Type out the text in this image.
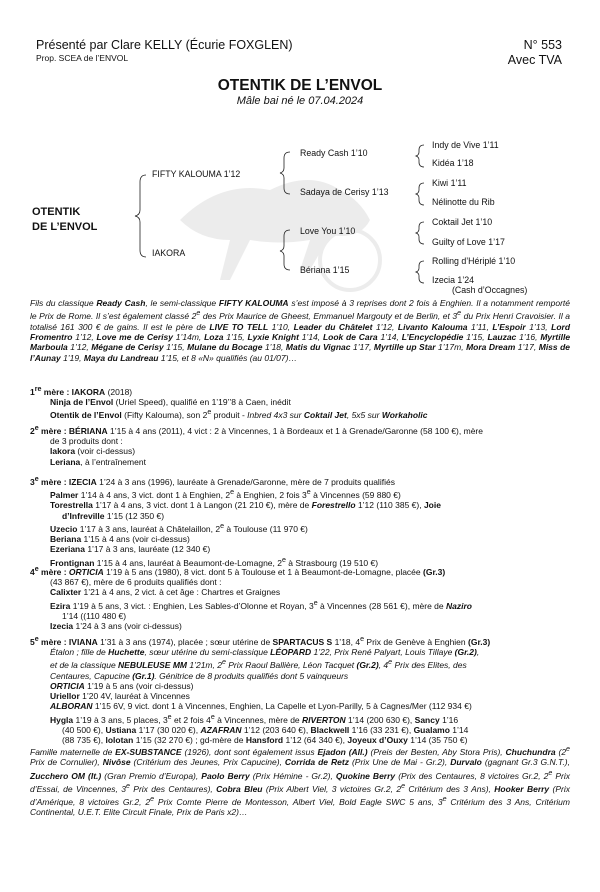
Présenté par Clare KELLY (Écurie FOXGLEN)
Prop. SCEA de l’ENVOL
N° 553
Avec TVA
OTENTIK DE L’ENVOL
Mâle bai né le 07.04.2024
OTENTIK
DE L’ENVOL
FIFTY KALOUMA 1’12
IAKORA
Ready Cash 1’10
Sadaya de Cerisy 1’13
Love You 1’10
Bériana 1’15
Indy de Vive 1’11
Kidéa 1’18
Kiwi 1’11
Nélinotte du Rib
Coktail Jet 1’10
Guilty of Love 1’17
Rolling d’Hériplé 1’10
Izecia 1’24
(Cash d’Occagnes)
Fils du classique Ready Cash, le semi-classique FIFTY KALOUMA s’est imposé à 3 reprises dont 2 fois à Enghien. Il a notamment remporté le Prix de Rome. Il s’est également classé 2e des Prix Maurice de Gheest, Emmanuel Margouty et de Berlin, et 3e du Prix Henri Cravoisier. Il a totalisé 161 300 € de gains. Il est le père de LIVE TO TELL 1’10, Leader du Châtelet 1’12, Livanto Kalouma 1’11, L’Espoir 1’13, Lord Fromentro 1’12, Love me de Cerisy 1’14m, Loza 1’15, Lyxie Knight 1’14, Look de Cara 1’14, L’Encyclopédie 1’15, Lauzac 1’16, Myrtille Marboula 1’12, Mégane de Cerisy 1’15, Mulane du Bocage 1’18, Matis du Vignac 1’17, Myrtille up Star 1’17m, Mora Dream 1’17, Miss de l’Aunay 1’19, Maya du Landreau 1’15, et 8 «N» qualifiés (au 01/07)…
1re mère : IAKORA (2018)
Ninja de l’Envol (Uriel Speed), qualifié en 1’19’’8 à Caen, inédit
Otentik de l’Envol (Fifty Kalouma), son 2e produit - Inbred 4x3 sur Coktail Jet, 5x5 sur Workaholic
2e mère : BÉRIANA 1’15 à 4 ans (2011), 4 vict : 2 à Vincennes, 1 à Bordeaux et 1 à Grenade/Garonne (58 100 €), mère
de 3 produits dont :
Iakora (voir ci-dessus)
Leriana, à l’entraînement
3e mère : IZECIA 1’24 à 3 ans (1996), lauréate à Grenade/Garonne, mère de 7 produits qualifiés
Palmer 1’14 à 4 ans, 3 vict. dont 1 à Enghien, 2e à Enghien, 2 fois 3e à Vincennes (59 880 €)
Torestrella 1’17 à 4 ans, 3 vict. dont 1 à Langon (21 210 €), mère de Forestrello 1’12 (110 385 €), Joie
d’Infreville 1’15 (12 350 €)
Uzecio 1’17 à 3 ans, lauréat à Châtelaillon, 2e à Toulouse (11 970 €)
Beriana 1’15 à 4 ans (voir ci-dessus)
Ezeriana 1’17 à 3 ans, lauréate (12 340 €)
Frontignan 1’15 à 4 ans, lauréat à Beaumont-de-Lomagne, 2e à Strasbourg (19 510 €)
4e mère : ORTICIA 1’19 à 5 ans (1980), 8 vict. dont 5 à Toulouse et 1 à Beaumont-de-Lomagne, placée (Gr.3)
(43 867 €), mère de 6 produits qualifiés dont :
Calixter 1’21 à 4 ans, 2 vict. à cet âge : Chartres et Graignes
Ezira 1’19 à 5 ans, 3 vict. : Enghien, Les Sables-d’Olonne et Royan, 3e à Vincennes (28 561 €), mère de Naziro
1’14 ((110 480 €)
Izecia 1’24 à 3 ans (voir ci-dessus)
5e mère : IVIANA 1’31 à 3 ans (1974), placée ; sœur utérine de SPARTACUS S 1’18, 4e Prix de Genève à Enghien (Gr.3)
Étalon ; fille de Huchette, sœur utérine du semi-classique LÉOPARD 1’22, Prix René Palyart, Louis Tillaye (Gr.2),
et de la classique NEBULEUSE MM 1’21m, 2e Prix Raoul Ballière, Léon Tacquet (Gr.2), 4e Prix des Elites, des
Centaures, Capucine (Gr.1). Génitrice de 8 produits qualifiés dont 5 vainqueurs
ORTICIA 1’19 à 5 ans (voir ci-dessus)
Uriellor 1’20 4V, lauréat à Vincennes
ALBORAN 1’15 6V, 9 vict. dont 1 à Vincennes, Enghien, La Capelle et Lyon-Parilly, 5 à Cagnes/Mer (112 934 €)
Hygla 1’19 à 3 ans, 5 places, 3e et 2 fois 4e à Vincennes, mère de RIVERTON 1’14 (200 630 €), Sancy 1’16
(40 500 €), Ustiana 1’17 (30 020 €), AZAFRAN 1’12 (203 640 €), Blackwell 1’16 (33 231 €), Gualamo 1’14
(88 735 €), Iolotan 1’15 (32 270 €) ; gd-mère de Hansford 1’12 (64 340 €), Joyeux d’Ouxy 1’14 (35 750 €)
Famille maternelle de EX-SUBSTANCE (1926), dont sont également issus Ejadon (All.) (Preis der Besten, Aby Stora Pris), Chuchundra (2e Prix de Cornulier), Nivôse (Critérium des Jeunes, Prix Capucine), Corrida de Retz (Prix Une de Mai - Gr.2), Durvalo (gagnant Gr.3 G.N.T.), Zucchero OM (It.) (Gran Premio d’Europa), Paolo Berry (Prix Hémine - Gr.2), Quokine Berry (Prix des Centaures, 8 victoires Gr.2, 2e Prix d’Essai, de Vincennes, 3e Prix des Centaures), Cobra Bleu (Prix Albert Viel, 3 victoires Gr.2, 2e Critérium des 3 Ans), Hooker Berry (Prix d’Amérique, 8 victoires Gr.2, 2e Prix Comte Pierre de Montesson, Albert Viel, Bold Eagle SWC 5 ans, 3e Critérium des 3 Ans, Critérium Continental, U.E.T. Elite Circuit Finale, Prix de Paris x2)…
